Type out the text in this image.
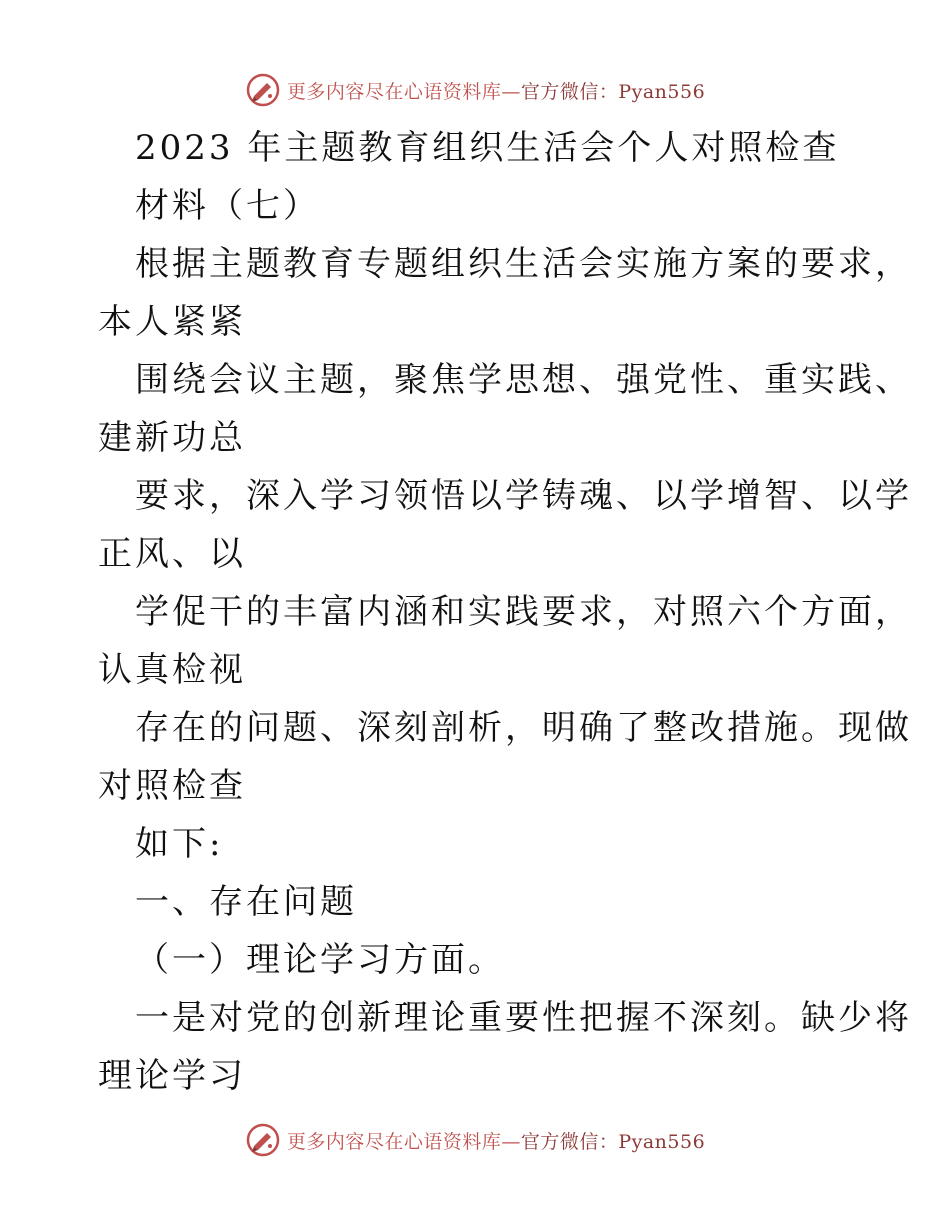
更多内容尽在心语资料库—官方微信：Pyan556
2023 年主题教育组织生活会个人对照检查
材料（七）
根据主题教育专题组织生活会实施方案的要求，
本人紧紧
围绕会议主题，聚焦学思想、强党性、重实践、
建新功总
要求，深入学习领悟以学铸魂、以学增智、以学
正风、以
学促干的丰富内涵和实践要求，对照六个方面，
认真检视
存在的问题、深刻剖析，明确了整改措施。现做
对照检查
如下:
一、存在问题
（一）理论学习方面。
一是对党的创新理论重要性把握不深刻。缺少将
理论学习
更多内容尽在心语资料库—官方微信：Pyan556
